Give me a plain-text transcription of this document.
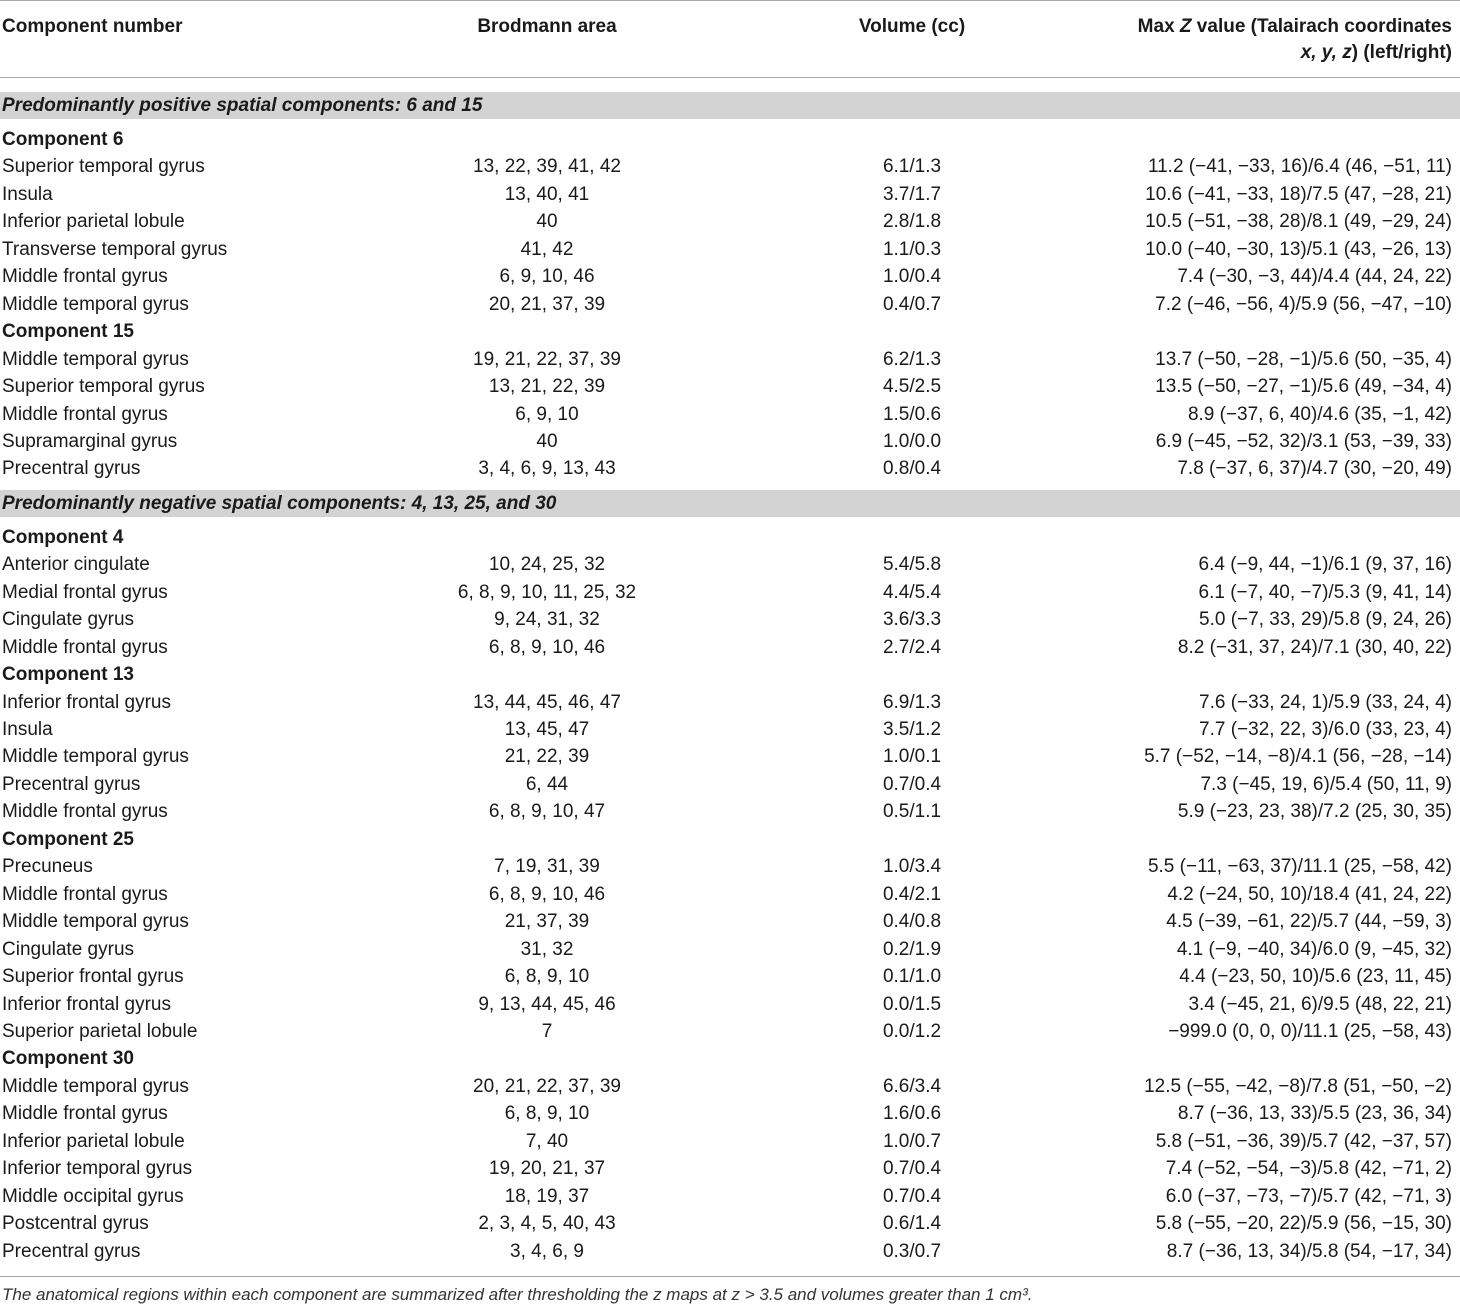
Component number	Brodmann area	Volume (cc)	Max Z value (Talairach coordinates
x, y, z) (left/right)
Predominantly positive spatial components: 6 and 15
Component 6
Superior temporal gyrus	13, 22, 39, 41, 42	6.1/1.3	11.2 (−41, −33, 16)/6.4 (46, −51, 11)
Insula	13, 40, 41	3.7/1.7	10.6 (−41, −33, 18)/7.5 (47, −28, 21)
Inferior parietal lobule	40	2.8/1.8	10.5 (−51, −38, 28)/8.1 (49, −29, 24)
Transverse temporal gyrus	41, 42	1.1/0.3	10.0 (−40, −30, 13)/5.1 (43, −26, 13)
Middle frontal gyrus	6, 9, 10, 46	1.0/0.4	7.4 (−30, −3, 44)/4.4 (44, 24, 22)
Middle temporal gyrus	20, 21, 37, 39	0.4/0.7	7.2 (−46, −56, 4)/5.9 (56, −47, −10)
Component 15
Middle temporal gyrus	19, 21, 22, 37, 39	6.2/1.3	13.7 (−50, −28, −1)/5.6 (50, −35, 4)
Superior temporal gyrus	13, 21, 22, 39	4.5/2.5	13.5 (−50, −27, −1)/5.6 (49, −34, 4)
Middle frontal gyrus	6, 9, 10	1.5/0.6	8.9 (−37, 6, 40)/4.6 (35, −1, 42)
Supramarginal gyrus	40	1.0/0.0	6.9 (−45, −52, 32)/3.1 (53, −39, 33)
Precentral gyrus	3, 4, 6, 9, 13, 43	0.8/0.4	7.8 (−37, 6, 37)/4.7 (30, −20, 49)
Predominantly negative spatial components: 4, 13, 25, and 30
Component 4
Anterior cingulate	10, 24, 25, 32	5.4/5.8	6.4 (−9, 44, −1)/6.1 (9, 37, 16)
Medial frontal gyrus	6, 8, 9, 10, 11, 25, 32	4.4/5.4	6.1 (−7, 40, −7)/5.3 (9, 41, 14)
Cingulate gyrus	9, 24, 31, 32	3.6/3.3	5.0 (−7, 33, 29)/5.8 (9, 24, 26)
Middle frontal gyrus	6, 8, 9, 10, 46	2.7/2.4	8.2 (−31, 37, 24)/7.1 (30, 40, 22)
Component 13
Inferior frontal gyrus	13, 44, 45, 46, 47	6.9/1.3	7.6 (−33, 24, 1)/5.9 (33, 24, 4)
Insula	13, 45, 47	3.5/1.2	7.7 (−32, 22, 3)/6.0 (33, 23, 4)
Middle temporal gyrus	21, 22, 39	1.0/0.1	5.7 (−52, −14, −8)/4.1 (56, −28, −14)
Precentral gyrus	6, 44	0.7/0.4	7.3 (−45, 19, 6)/5.4 (50, 11, 9)
Middle frontal gyrus	6, 8, 9, 10, 47	0.5/1.1	5.9 (−23, 23, 38)/7.2 (25, 30, 35)
Component 25
Precuneus	7, 19, 31, 39	1.0/3.4	5.5 (−11, −63, 37)/11.1 (25, −58, 42)
Middle frontal gyrus	6, 8, 9, 10, 46	0.4/2.1	4.2 (−24, 50, 10)/18.4 (41, 24, 22)
Middle temporal gyrus	21, 37, 39	0.4/0.8	4.5 (−39, −61, 22)/5.7 (44, −59, 3)
Cingulate gyrus	31, 32	0.2/1.9	4.1 (−9, −40, 34)/6.0 (9, −45, 32)
Superior frontal gyrus	6, 8, 9, 10	0.1/1.0	4.4 (−23, 50, 10)/5.6 (23, 11, 45)
Inferior frontal gyrus	9, 13, 44, 45, 46	0.0/1.5	3.4 (−45, 21, 6)/9.5 (48, 22, 21)
Superior parietal lobule	7	0.0/1.2	−999.0 (0, 0, 0)/11.1 (25, −58, 43)
Component 30
Middle temporal gyrus	20, 21, 22, 37, 39	6.6/3.4	12.5 (−55, −42, −8)/7.8 (51, −50, −2)
Middle frontal gyrus	6, 8, 9, 10	1.6/0.6	8.7 (−36, 13, 33)/5.5 (23, 36, 34)
Inferior parietal lobule	7, 40	1.0/0.7	5.8 (−51, −36, 39)/5.7 (42, −37, 57)
Inferior temporal gyrus	19, 20, 21, 37	0.7/0.4	7.4 (−52, −54, −3)/5.8 (42, −71, 2)
Middle occipital gyrus	18, 19, 37	0.7/0.4	6.0 (−37, −73, −7)/5.7 (42, −71, 3)
Postcentral gyrus	2, 3, 4, 5, 40, 43	0.6/1.4	5.8 (−55, −20, 22)/5.9 (56, −15, 30)
Precentral gyrus	3, 4, 6, 9	0.3/0.7	8.7 (−36, 13, 34)/5.8 (54, −17, 34)
The anatomical regions within each component are summarized after thresholding the z maps at z > 3.5 and volumes greater than 1 cm³.
